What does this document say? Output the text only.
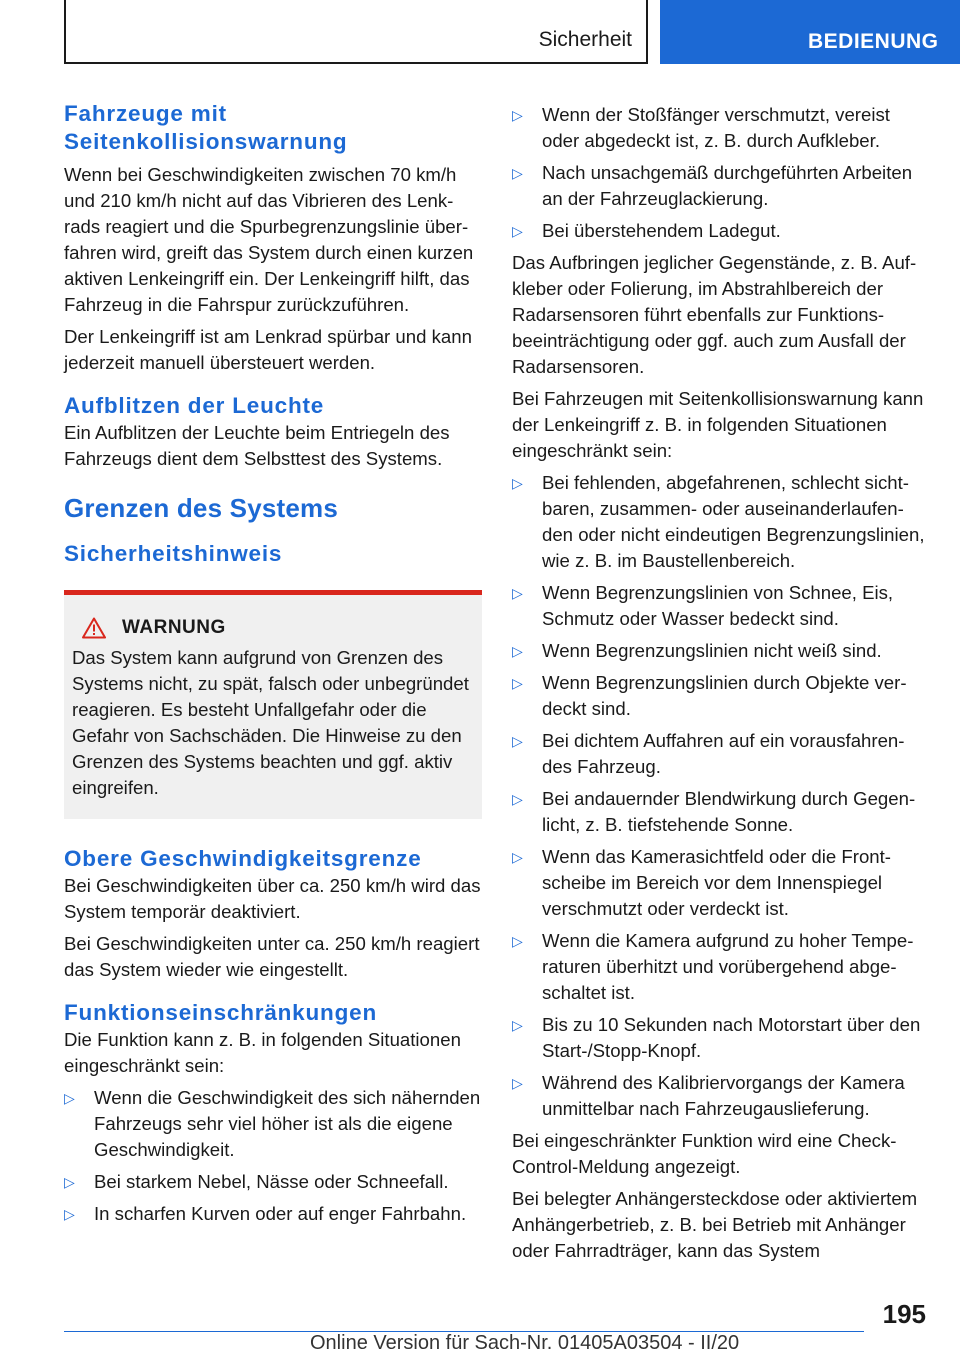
Sicherheit	BEDIENUNG
Fahrzeuge mit Seitenkollisionswarnung

Wenn bei Geschwindigkeiten zwischen 70 km/h und 210 km/h nicht auf das Vibrieren des Lenkrads reagiert und die Spurbegrenzungslinie überfahren wird, greift das System durch einen kurzen aktiven Lenkeingriff ein. Der Lenkeingriff hilft, das Fahrzeug in die Fahrspur zurückzuführen.

Der Lenkeingriff ist am Lenkrad spürbar und kann jederzeit manuell übersteuert werden.

Aufblitzen der Leuchte

Ein Aufblitzen der Leuchte beim Entriegeln des Fahrzeugs dient dem Selbsttest des Systems.

Grenzen des Systems
Sicherheitshinweis
WARNUNG

Das System kann aufgrund von Grenzen des Systems nicht, zu spät, falsch oder unbegründet reagieren. Es besteht Unfallgefahr oder die Gefahr von Sachschäden. Die Hinweise zu den Grenzen des Systems beachten und ggf. aktiv eingreifen.

Obere Geschwindigkeitsgrenze

Bei Geschwindigkeiten über ca. 250 km/h wird das System temporär deaktiviert.

Bei Geschwindigkeiten unter ca. 250 km/h reagiert das System wieder wie eingestellt.

Funktionseinschränkungen

Die Funktion kann z. B. in folgenden Situationen eingeschränkt sein:

▷ Wenn die Geschwindigkeit des sich nähernden Fahrzeugs sehr viel höher ist als die eigene Geschwindigkeit.
▷ Bei starkem Nebel, Nässe oder Schneefall.
▷ In scharfen Kurven oder auf enger Fahrbahn.
▷ Wenn der Stoßfänger verschmutzt, vereist oder abgedeckt ist, z. B. durch Aufkleber.
▷ Nach unsachgemäß durchgeführten Arbeiten an der Fahrzeuglackierung.
▷ Bei überstehendem Ladegut.

Das Aufbringen jeglicher Gegenstände, z. B. Aufkleber oder Folierung, im Abstrahlbereich der Radarsensoren führt ebenfalls zur Funktionsbeeinträchtigung oder ggf. auch zum Ausfall der Radarsensoren.

Bei Fahrzeugen mit Seitenkollisionswarnung kann der Lenkeingriff z. B. in folgenden Situationen eingeschränkt sein:

▷ Bei fehlenden, abgefahrenen, schlecht sichtbaren, zusammen- oder auseinanderlaufenden oder nicht eindeutigen Begrenzungslinien, wie z. B. im Baustellenbereich.
▷ Wenn Begrenzungslinien von Schnee, Eis, Schmutz oder Wasser bedeckt sind.
▷ Wenn Begrenzungslinien nicht weiß sind.
▷ Wenn Begrenzungslinien durch Objekte verdeckt sind.
▷ Bei dichtem Auffahren auf ein vorausfahrendes Fahrzeug.
▷ Bei andauernder Blendwirkung durch Gegenlicht, z. B. tiefstehende Sonne.
▷ Wenn das Kamerasichtfeld oder die Frontscheibe im Bereich vor dem Innenspiegel verschmutzt oder verdeckt ist.
▷ Wenn die Kamera aufgrund zu hoher Temperaturen überhitzt und vorübergehend abgeschaltet ist.
▷ Bis zu 10 Sekunden nach Motorstart über den Start-/Stopp-Knopf.
▷ Während des Kalibriervorgangs der Kamera unmittelbar nach Fahrzeugauslieferung.

Bei eingeschränkter Funktion wird eine Check-Control-Meldung angezeigt.

Bei belegter Anhängersteckdose oder aktiviertem Anhängerbetrieb, z. B. bei Betrieb mit Anhänger oder Fahrradträger, kann das System

195
Online Version für Sach-Nr. 01405A03504 - II/20
